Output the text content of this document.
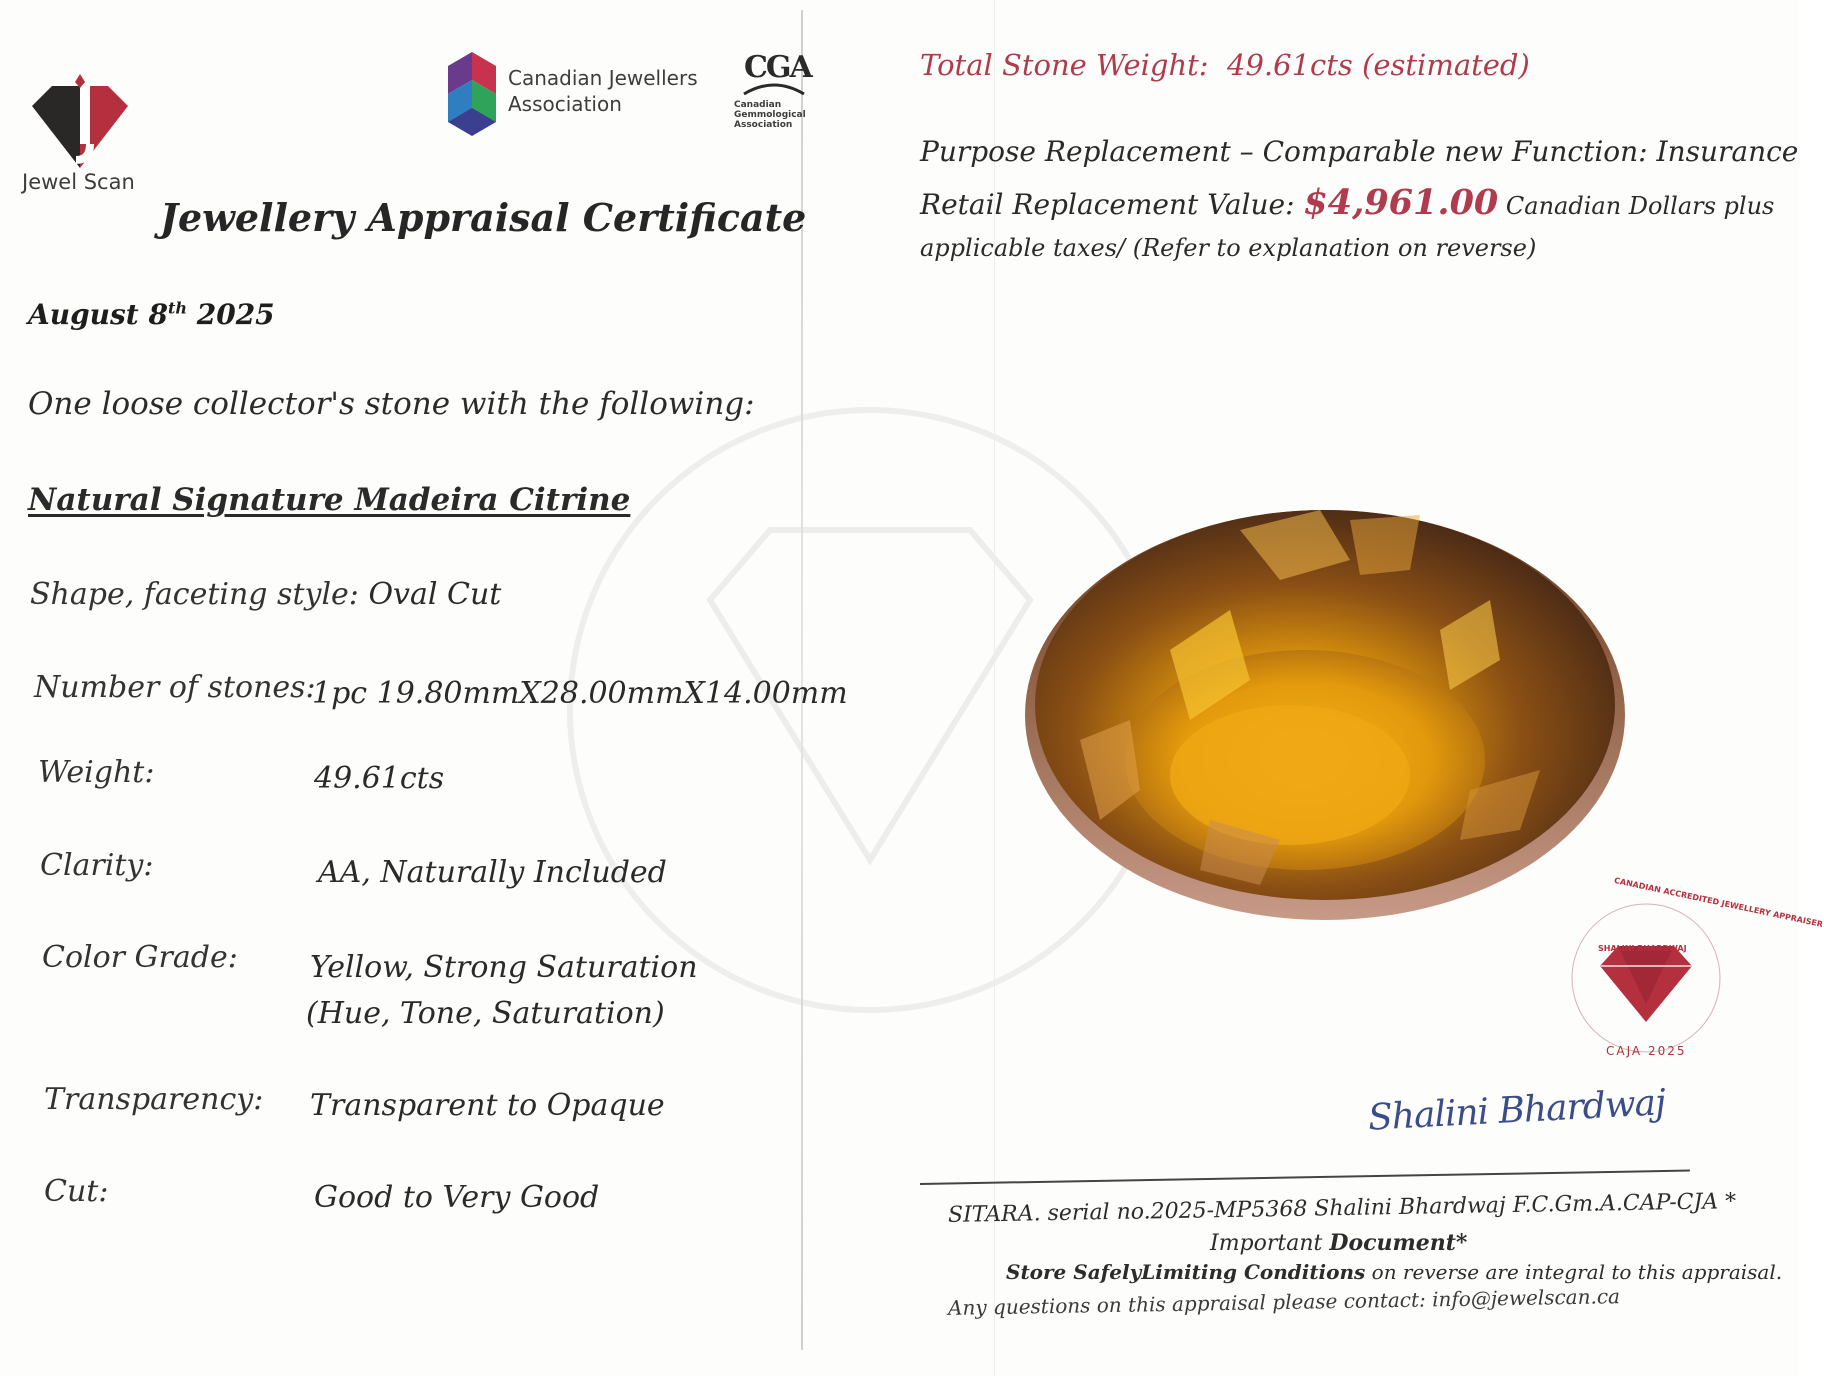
Jewel Scan
Canadian Jewellers
Association
CGA
Canadian
Gemmological
Association
Jewellery Appraisal Certificate
August 8th 2025
One loose collector's stone with the following:
Natural Signature Madeira Citrine
Shape, faceting style: Oval Cut
Number of stones:
1pc 19.80mmX28.00mmX14.00mm
Weight:	49.61cts
Clarity:	AA, Naturally Included
Color Grade: Yellow, Strong Saturation
(Hue, Tone, Saturation)
Transparency: Transparent to Opaque
Cut:	Good to Very Good
Total Stone Weight: 49.61cts (estimated)
Purpose Replacement – Comparable new Function: Insurance
Retail Replacement Value: $4,961.00 Canadian Dollars plus
applicable taxes/ (Refer to explanation on reverse)
CANADIAN ACCREDITED JEWELLERY APPRAISER
SHALINI BHARDWAJ
CAJA 2025
Shalini Bhardwaj
SITARA. serial no.2025-MP5368 Shalini Bhardwaj F.C.Gm.A.CAP-CJA *
Important Document*
Store SafelyLimiting Conditions on reverse are integral to this appraisal.
Any questions on this appraisal please contact: info@jewelscan.ca
